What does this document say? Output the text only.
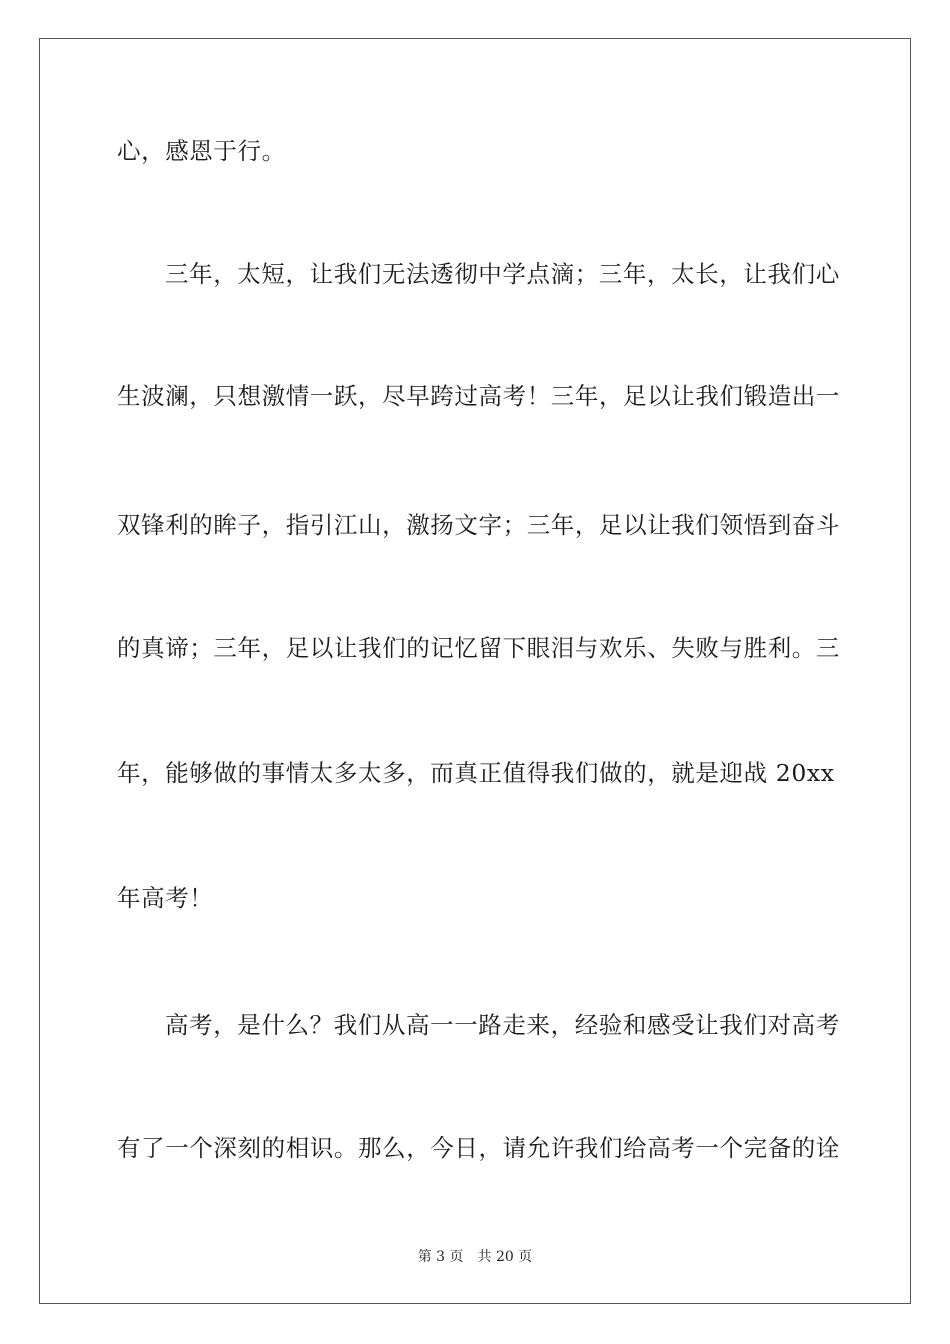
心，感恩于行。
三年，太短，让我们无法透彻中学点滴；三年，太长，让我们心
生波澜，只想激情一跃，尽早跨过高考！三年，足以让我们锻造出一
双锋利的眸子，指引江山，激扬文字；三年，足以让我们领悟到奋斗
的真谛；三年，足以让我们的记忆留下眼泪与欢乐、失败与胜利。三
年，能够做的事情太多太多，而真正值得我们做的，就是迎战 20xx
年高考！
高考，是什么？我们从高一一路走来，经验和感受让我们对高考
有了一个深刻的相识。那么，今日，请允许我们给高考一个完备的诠
第 3 页 共 20 页
